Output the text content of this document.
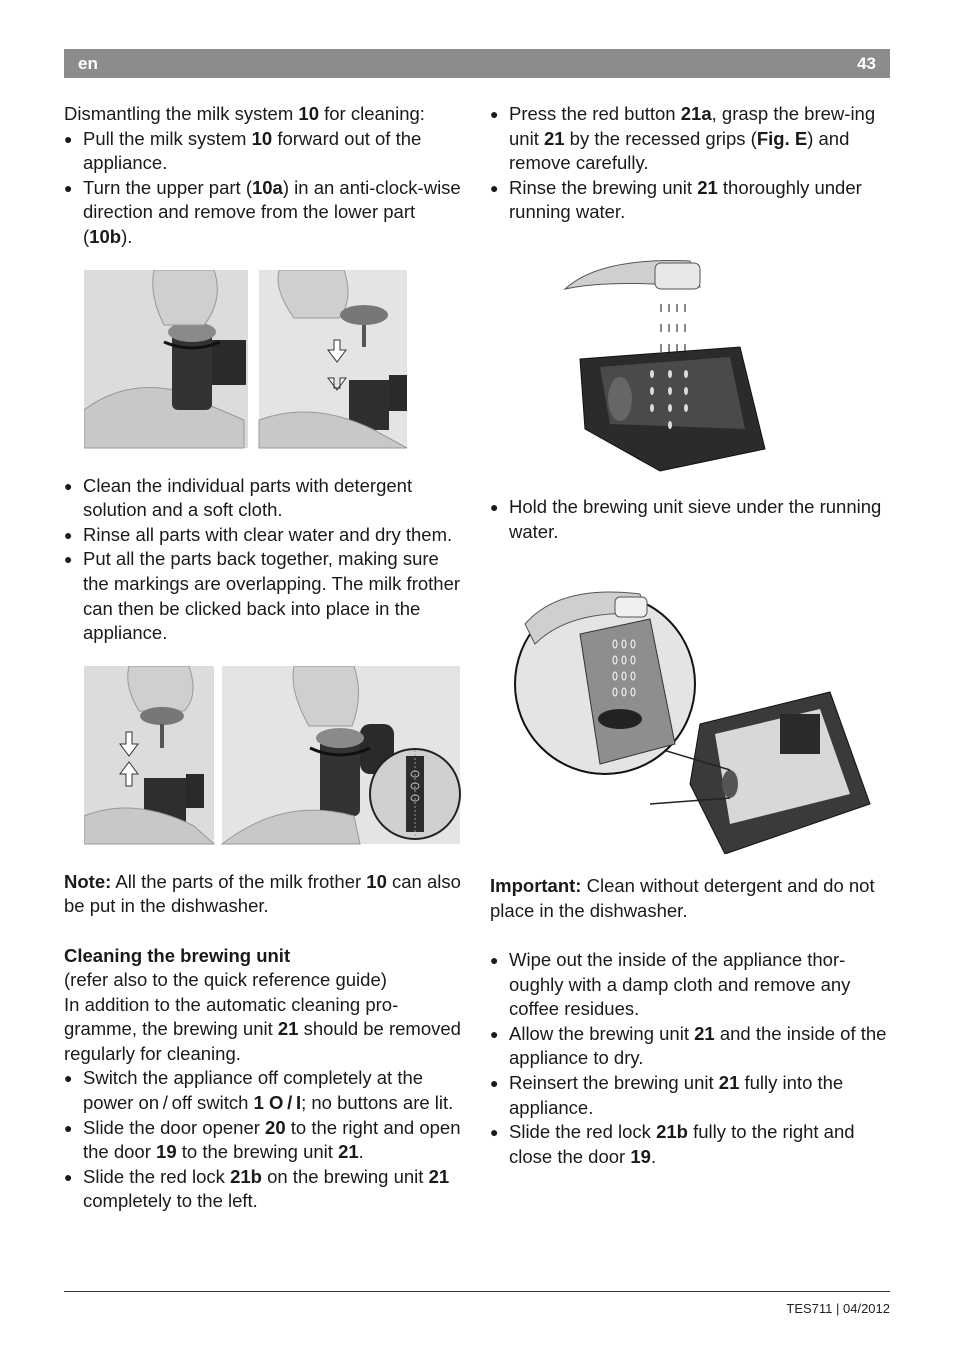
en	43

Dismantling the milk system 10 for cleaning:

● Pull the milk system 10 forward out of the appliance.
● Turn the upper part (10a) in an anti-clock-wise direction and remove from the lower part (10b).
● Clean the individual parts with detergent solution and a soft cloth.
● Rinse all parts with clear water and dry them.
● Put all the parts back together, making sure the markings are overlapping. The milk frother can then be clicked back into place in the appliance.

Note: All the parts of the milk frother 10 can also be put in the dishwasher.

Cleaning the brewing unit

(refer also to the quick reference guide)

In addition to the automatic cleaning pro-gramme, the brewing unit 21 should be removed regularly for cleaning.

● Switch the appliance off completely at the power on / off switch 1 O / I; no buttons are lit.
● Slide the door opener 20 to the right and open the door 19 to the brewing unit 21.
● Slide the red lock 21b on the brewing unit 21 completely to the left.
● Press the red button 21a, grasp the brew-ing unit 21 by the recessed grips (Fig. E) and remove carefully.
● Rinse the brewing unit 21 thoroughly under running water.
● Hold the brewing unit sieve under the running water.

Important: Clean without detergent and do not place in the dishwasher.

● Wipe out the inside of the appliance thor-oughly with a damp cloth and remove any coffee residues.
● Allow the brewing unit 21 and the inside of the appliance to dry.
● Reinsert the brewing unit 21 fully into the appliance.
● Slide the red lock 21b fully to the right and close the door 19.
TES711 | 04/2012
